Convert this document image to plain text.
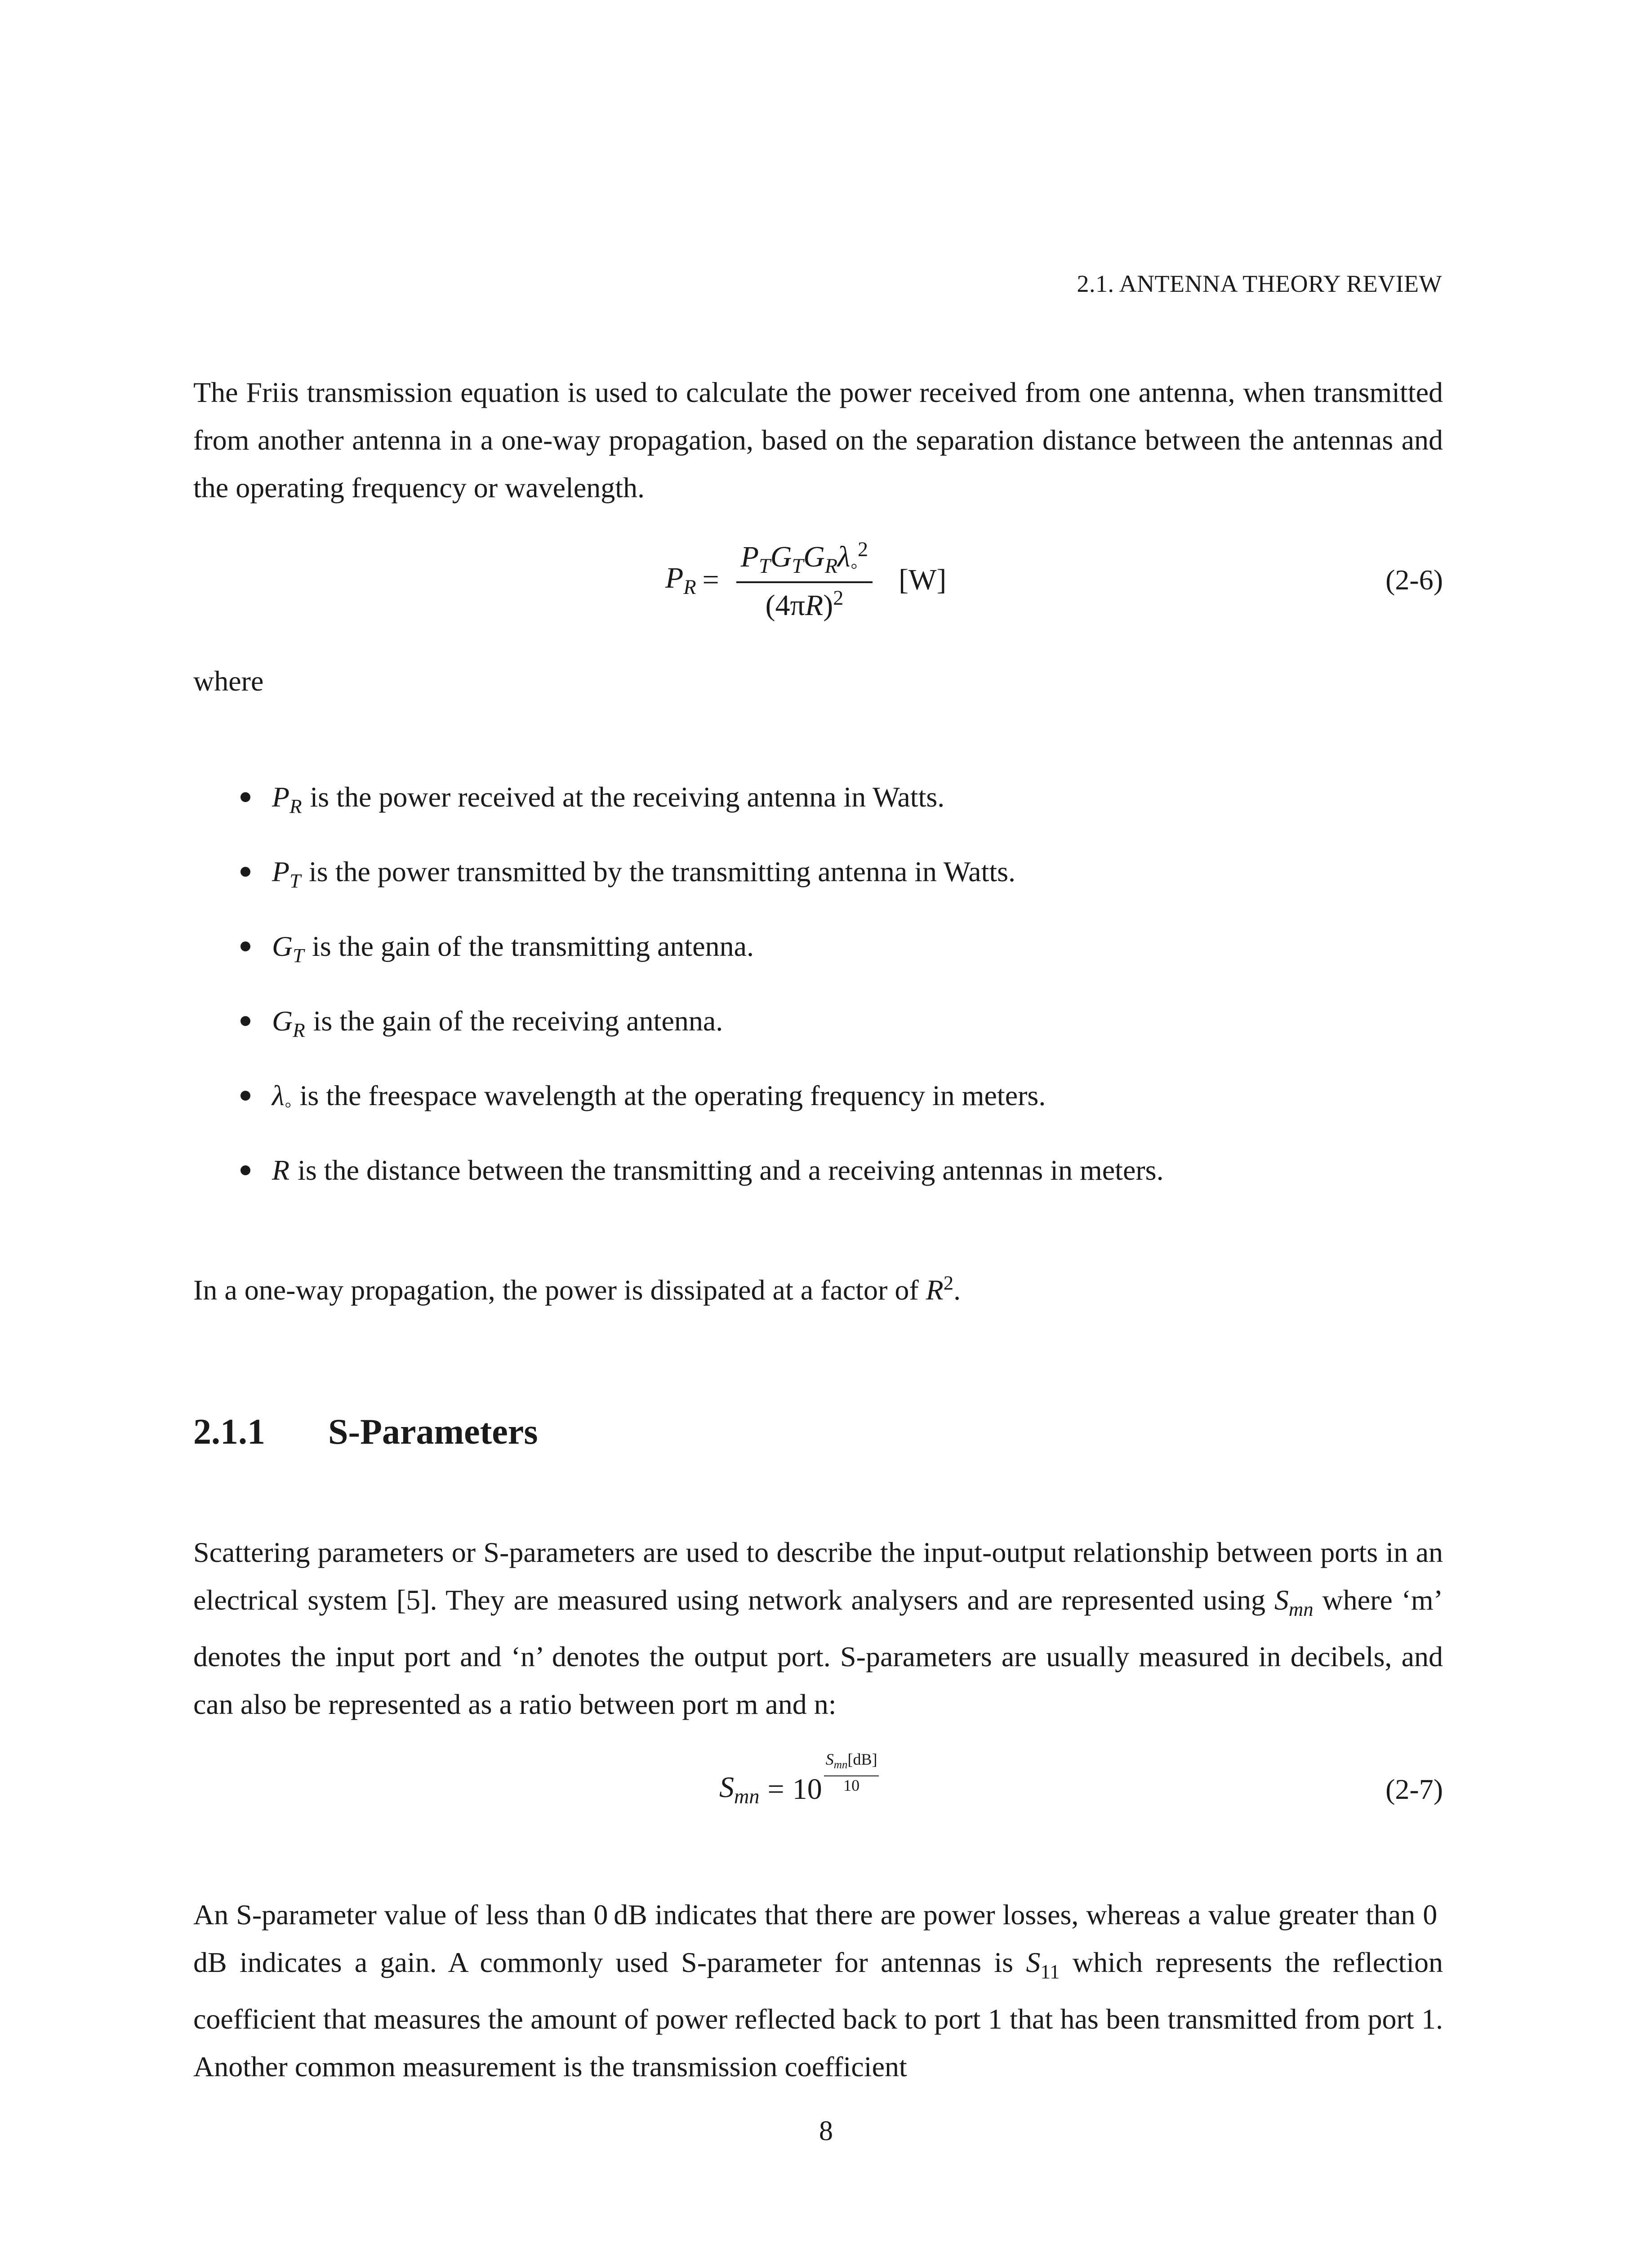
2.1. ANTENNA THEORY REVIEW

The Friis transmission equation is used to calculate the power received from one antenna, when transmitted from another antenna in a one-way propagation, based on the separation distance between the antennas and the operating frequency or wavelength.

$P_R = \frac{P_TG_TG_R\lambda_◦^2}{(4\pi R)^2} [W]$	(2-6)

where

$P_R$ is the power received at the receiving antenna in Watts.
$P_T$ is the power transmitted by the transmitting antenna in Watts.
$G_T$ is the gain of the transmitting antenna.
$G_R$ is the gain of the receiving antenna.
$\lambda_◦$ is the freespace wavelength at the operating frequency in meters.
R is the distance between the transmitting and a receiving antennas in meters.

In a one-way propagation, the power is dissipated at a factor of $R^2$.

2.1.1 S-Parameters

Scattering parameters or S-parameters are used to describe the input-output relationship between ports in an electrical system [5]. They are measured using network analysers and are represented using $S_{mn}$ where ‘m’ denotes the input port and ‘n’ denotes the output port. S-parameters are usually measured in decibels, and can also be represented as a ratio between port m and n:

$S_{mn} = 10$
$S_{mn}[dB]$
10	(2-7)

An S-parameter value of less than 0 dB indicates that there are power losses, whereas a value greater than 0 dB indicates a gain. A commonly used S-parameter for antennas is $S_{11}$ which represents the reflection coefficient that measures the amount of power reflected back to port 1 that has been transmitted from port 1. Another common measurement is the transmission coefficient

8
